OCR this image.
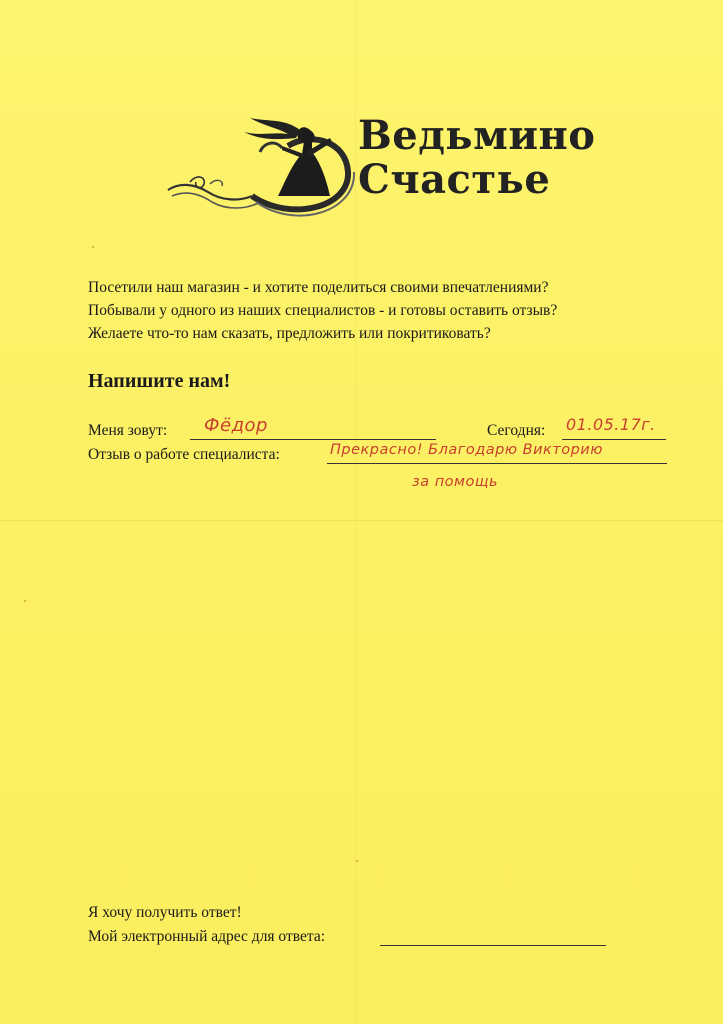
Ведьмино
Счастье
Посетили наш магазин - и хотите поделиться своими впечатлениями?
Побывали у одного из наших специалистов - и готовы оставить отзыв?
Желаете что-то нам сказать, предложить или покритиковать?
Напишите нам!
Меня зовут: Фёдор	Сегодня: 01.05.17г.
Отзыв о работе специалиста:	Прекрасно! Благодарю Викторию
за помощь
Я хочу получить ответ!
Мой электронный адрес для ответа:
